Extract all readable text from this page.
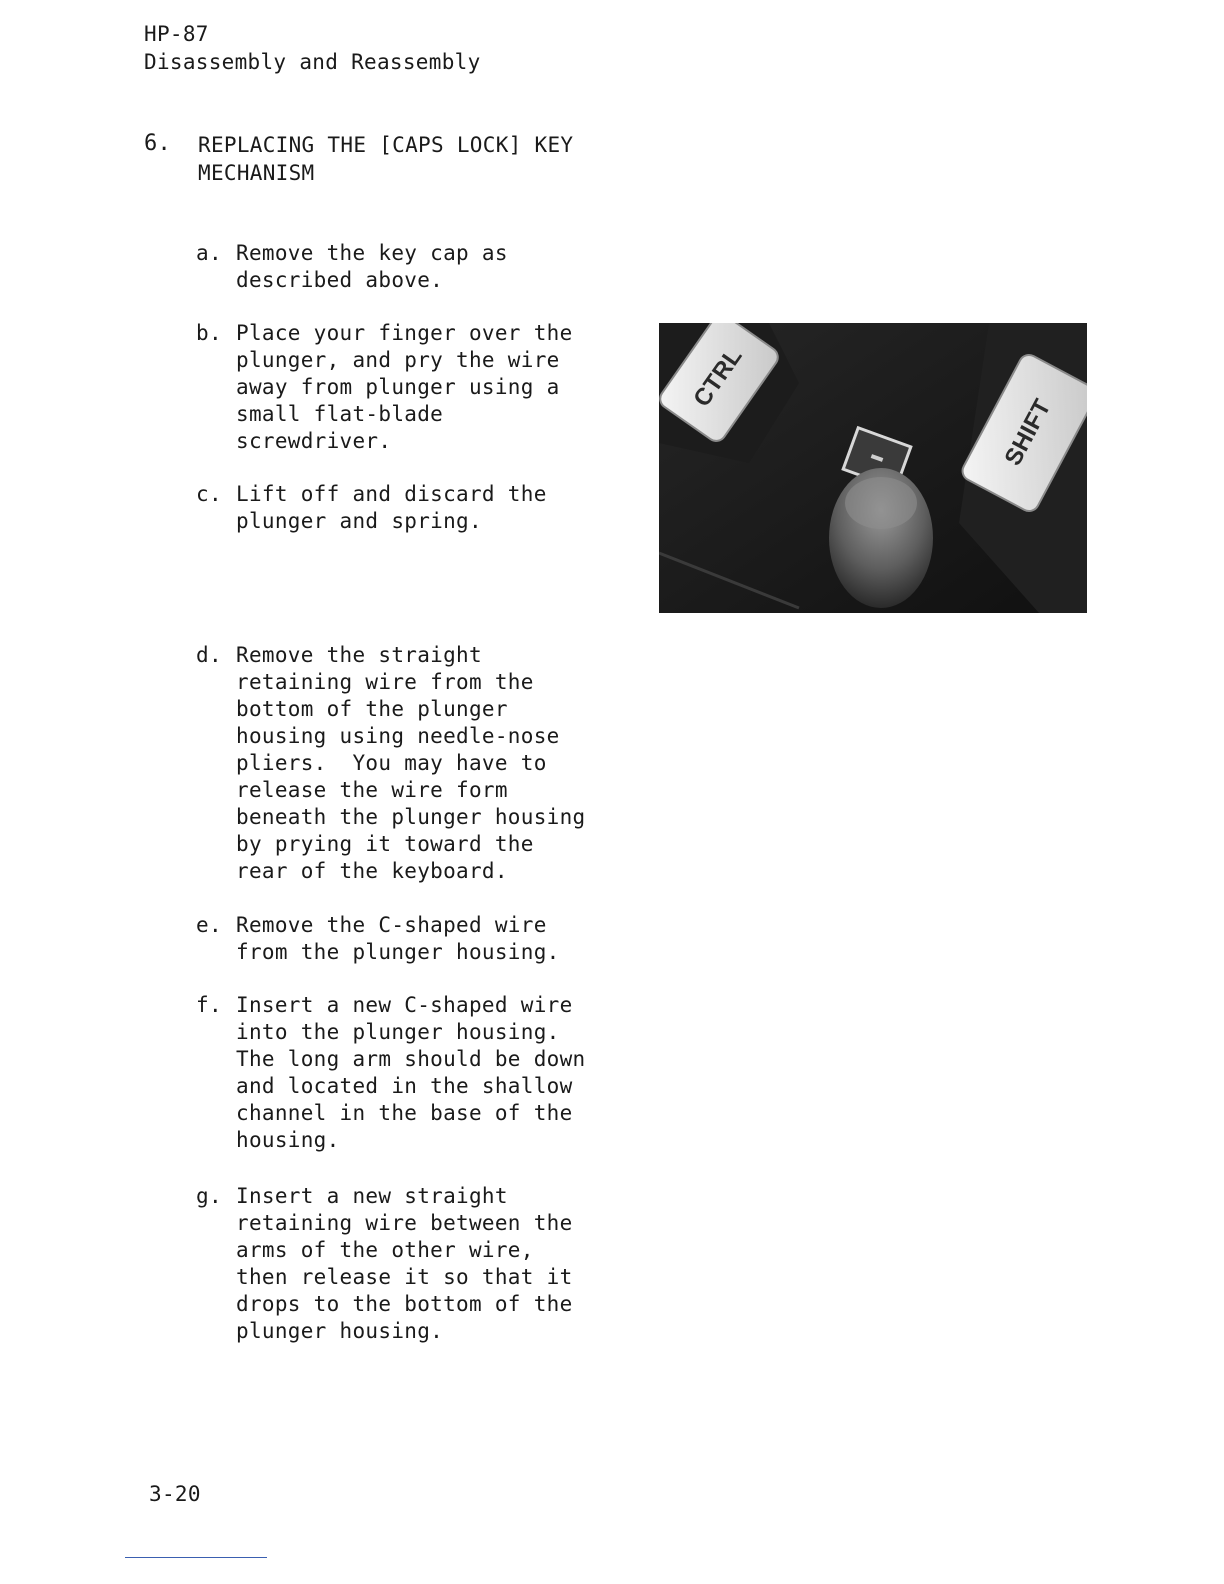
HP-87
Disassembly and Reassembly
6. REPLACING THE [CAPS LOCK] KEY
MECHANISM
a. Remove the key cap as
described above.
b. Place your finger over the
plunger, and pry the wire
away from plunger using a
small flat-blade
screwdriver.
c. Lift off and discard the
plunger and spring.
CTRL
SHIFT
d. Remove the straight
retaining wire from the
bottom of the plunger
housing using needle-nose
pliers.  You may have to
release the wire form
beneath the plunger housing
by prying it toward the
rear of the keyboard.
e. Remove the C-shaped wire
from the plunger housing.
f. Insert a new C-shaped wire
into the plunger housing.
The long arm should be down
and located in the shallow
channel in the base of the
housing.
g. Insert a new straight
retaining wire between the
arms of the other wire,
then release it so that it
drops to the bottom of the
plunger housing.
3-20
